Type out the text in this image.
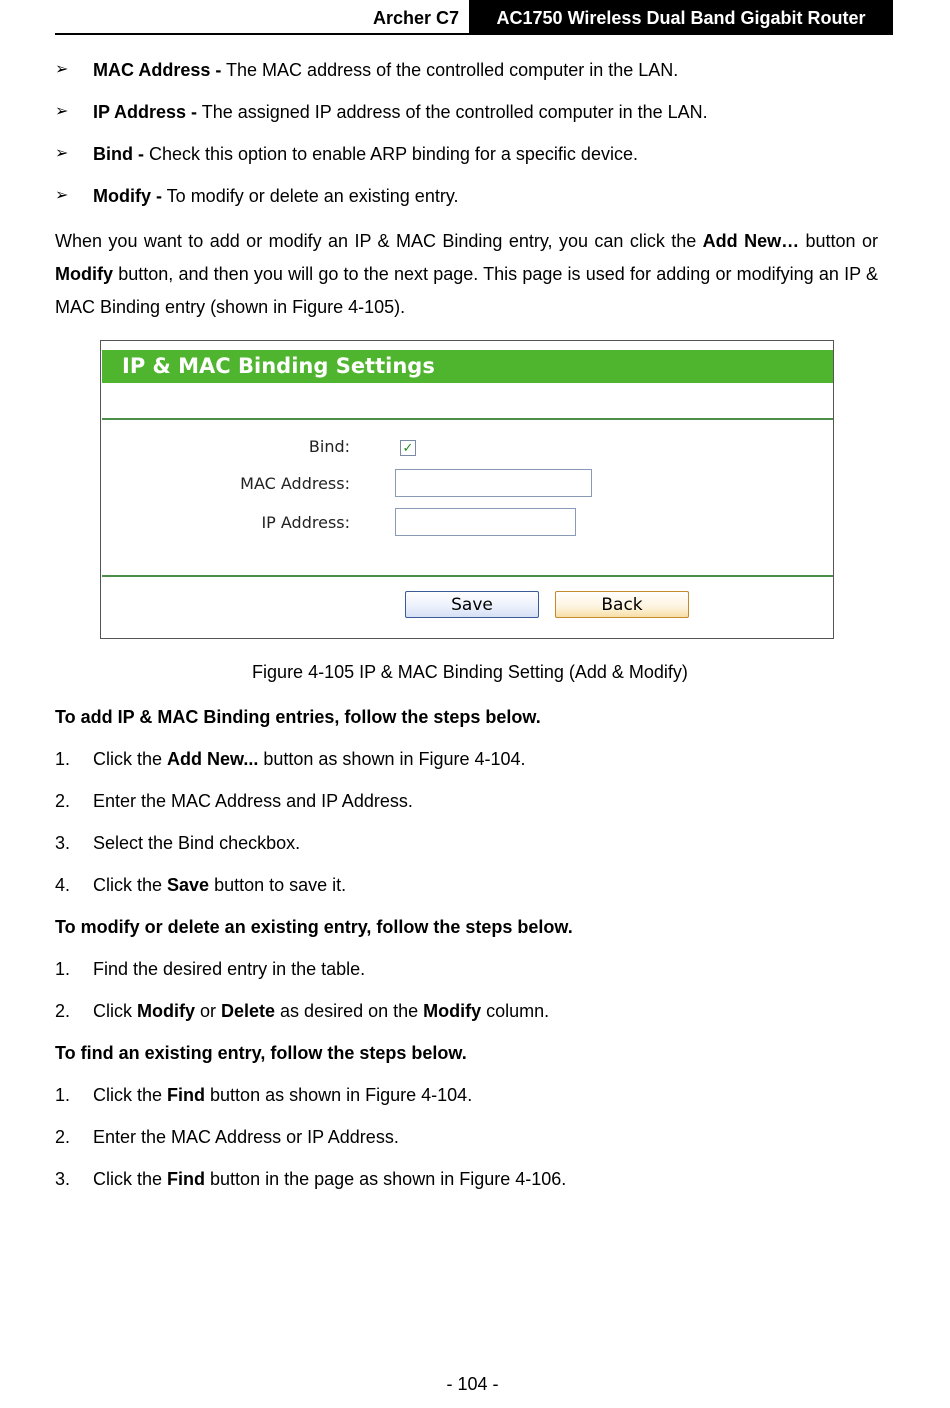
Archer C7	AC1750 Wireless Dual Band Gigabit Router
➢ MAC Address - The MAC address of the controlled computer in the LAN.
➢ IP Address - The assigned IP address of the controlled computer in the LAN.
➢ Bind - Check this option to enable ARP binding for a specific device.
➢ Modify - To modify or delete an existing entry.
When you want to add or modify an IP & MAC Binding entry, you can click the Add New… button or Modify button, and then you will go to the next page. This page is used for adding or modifying an IP & MAC Binding entry (shown in Figure 4-105).
IP & MAC Binding Settings
Bind:	✓
MAC Address:
IP Address:
Save	Back
Figure 4-105 IP & MAC Binding Setting (Add & Modify)
To add IP & MAC Binding entries, follow the steps below.
1. Click the Add New... button as shown in Figure 4-104.
2. Enter the MAC Address and IP Address.
3. Select the Bind checkbox.
4. Click the Save button to save it.
To modify or delete an existing entry, follow the steps below.
1. Find the desired entry in the table.
2. Click Modify or Delete as desired on the Modify column.
To find an existing entry, follow the steps below.
1. Click the Find button as shown in Figure 4-104.
2. Enter the MAC Address or IP Address.
3. Click the Find button in the page as shown in Figure 4-106.
- 104 -
